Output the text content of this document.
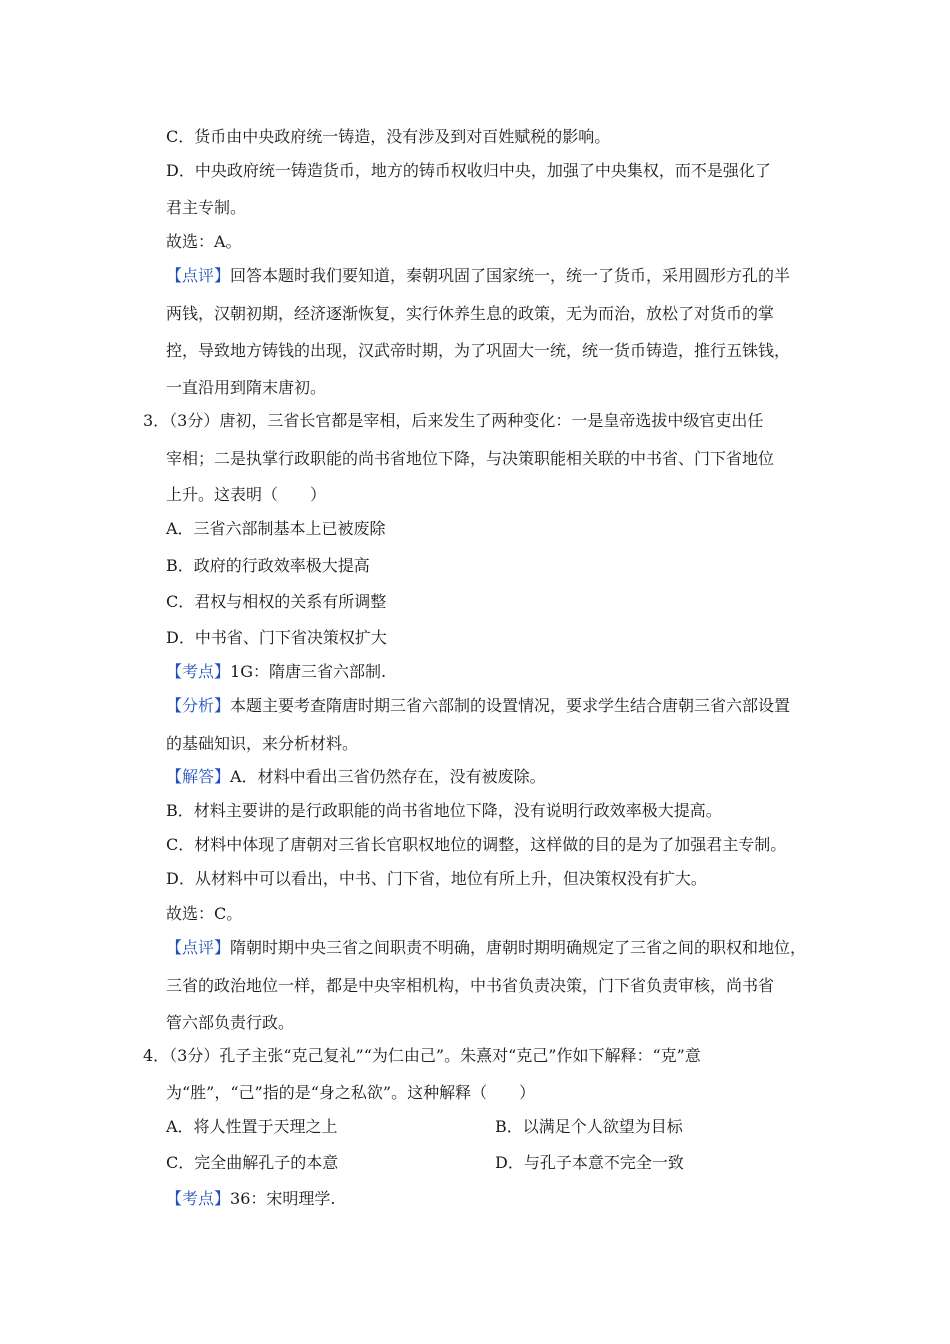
C．货币由中央政府统一铸造，没有涉及到对百姓赋税的影响。
D．中央政府统一铸造货币，地方的铸币权收归中央，加强了中央集权，而不是强化了
君主专制。
故选：A。
【点评】回答本题时我们要知道，秦朝巩固了国家统一，统一了货币，采用圆形方孔的半
两钱，汉朝初期，经济逐渐恢复，实行休养生息的政策，无为而治，放松了对货币的掌
控，导致地方铸钱的出现，汉武帝时期，为了巩固大一统，统一货币铸造，推行五铢钱，
一直沿用到隋末唐初。
3．（3分）唐初，三省长官都是宰相，后来发生了两种变化：一是皇帝选拔中级官吏出任
宰相；二是执掌行政职能的尚书省地位下降，与决策职能相关联的中书省、门下省地位
上升。这表明（　　）
A．三省六部制基本上已被废除
B．政府的行政效率极大提高
C．君权与相权的关系有所调整
D．中书省、门下省决策权扩大
【考点】1G：隋唐三省六部制.
【分析】本题主要考查隋唐时期三省六部制的设置情况，要求学生结合唐朝三省六部设置
的基础知识，来分析材料。
【解答】A．材料中看出三省仍然存在，没有被废除。
B．材料主要讲的是行政职能的尚书省地位下降，没有说明行政效率极大提高。
C．材料中体现了唐朝对三省长官职权地位的调整，这样做的目的是为了加强君主专制。
D．从材料中可以看出，中书、门下省，地位有所上升，但决策权没有扩大。
故选：C。
【点评】隋朝时期中央三省之间职责不明确，唐朝时期明确规定了三省之间的职权和地位，
三省的政治地位一样，都是中央宰相机构，中书省负责决策，门下省负责审核，尚书省
管六部负责行政。
4．（3分）孔子主张“克己复礼”“为仁由己”。朱熹对“克己”作如下解释：“克”意
为“胜”，“己”指的是“身之私欲”。这种解释（　　）
A．将人性置于天理之上	B．以满足个人欲望为目标
C．完全曲解孔子的本意	D．与孔子本意不完全一致
【考点】36：宋明理学.
